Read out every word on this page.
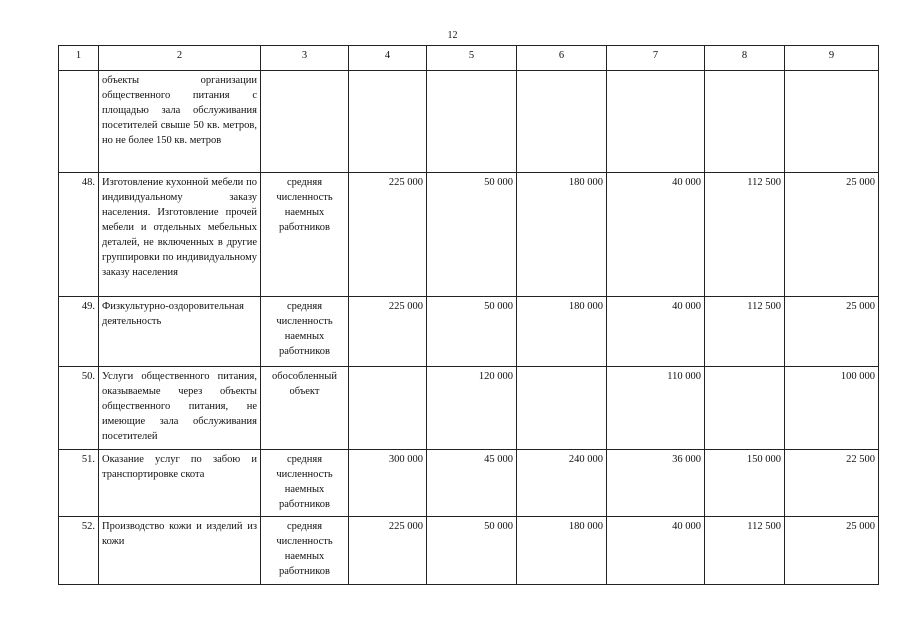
12
1	2	3	4	5	6	7	8	9
	объекты организации общественного питания с площадью зала обслуживания посетителей свыше 50 кв. метров, но не более 150 кв. метров							
48.	Изготовление кухонной мебели по индивидуальному заказу населения. Изготовление прочей мебели и отдельных мебельных деталей, не включенных в другие группировки по индивидуальному заказу населения	средняя численность наемных работников	225 000	50 000	180 000	40 000	112 500	25 000
49.	Физкультурно-оздоровительная деятельность	средняя численность наемных работников	225 000	50 000	180 000	40 000	112 500	25 000
50.	Услуги общественного питания, оказываемые через объекты общественного питания, не имеющие зала обслуживания посетителей	обособленный объект		120 000		110 000		100 000
51.	Оказание услуг по забою и транспортировке скота	средняя численность наемных работников	300 000	45 000	240 000	36 000	150 000	22 500
52.	Производство кожи и изделий из кожи	средняя численность наемных работников	225 000	50 000	180 000	40 000	112 500	25 000
